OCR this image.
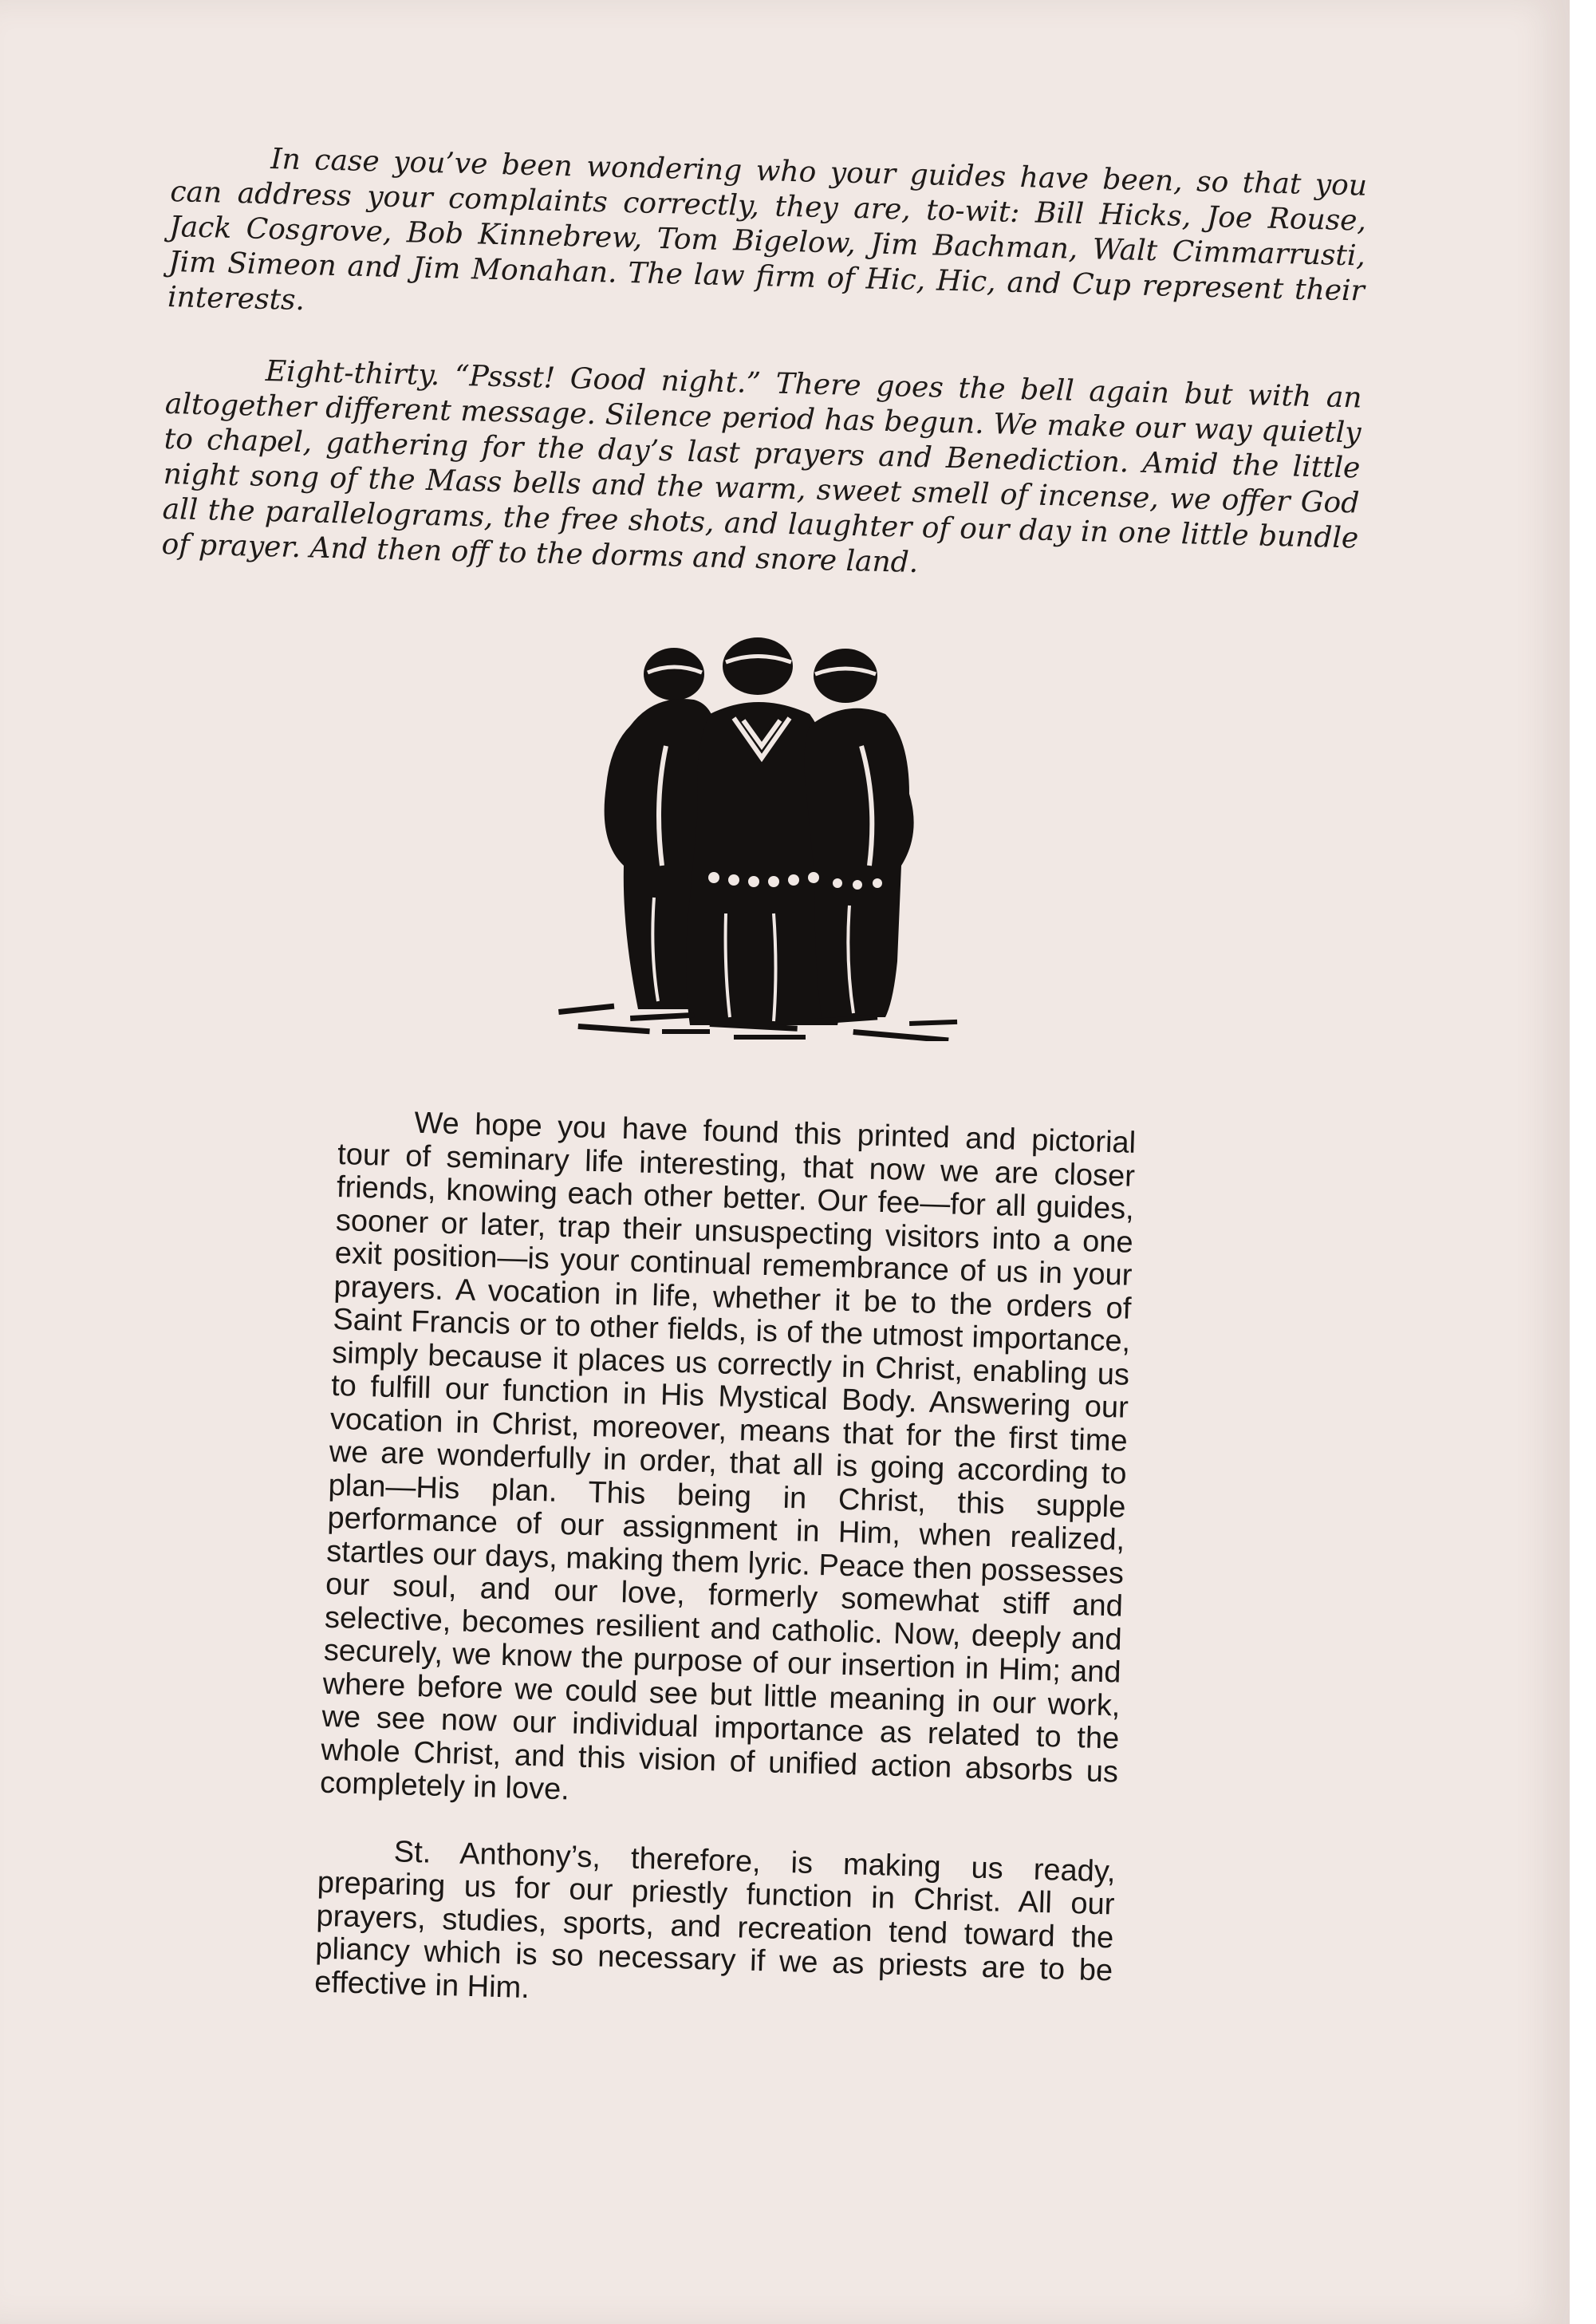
In case you’ve been wondering who your guides have been, so that you can address your complaints correctly, they are, to-wit: Bill Hicks, Joe Rouse, Jack Cosgrove, Bob Kinnebrew, Tom Bigelow, Jim Bachman, Walt Cimmarrusti, Jim Simeon and Jim Monahan. The law firm of Hic, Hic, and Cup represent their interests.

Eight-thirty. “Pssst! Good night.” There goes the bell again but with an altogether different message. Silence period has begun. We make our way quietly to chapel, gathering for the day’s last prayers and Benediction. Amid the little night song of the Mass bells and the warm, sweet smell of incense, we offer God all the parallelograms, the free shots, and laughter of our day in one little bundle of prayer. And then off to the dorms and snore land.

We hope you have found this printed and pictorial tour of seminary life interesting, that now we are closer friends, knowing each other better. Our fee—for all guides, sooner or later, trap their unsuspecting visitors into a one exit position—is your continual remembrance of us in your prayers. A vocation in life, whether it be to the orders of Saint Francis or to other fields, is of the utmost importance, simply because it places us correctly in Christ, enabling us to fulfill our function in His Mystical Body. Answering our vocation in Christ, moreover, means that for the first time we are wonderfully in order, that all is going according to plan—His plan. This being in Christ, this supple performance of our assignment in Him, when realized, startles our days, making them lyric. Peace then possesses our soul, and our love, formerly somewhat stiff and selective, becomes resilient and catholic. Now, deeply and securely, we know the purpose of our insertion in Him; and where before we could see but little meaning in our work, we see now our individual importance as related to the whole Christ, and this vision of unified action absorbs us completely in love.

St. Anthony’s, therefore, is making us ready, preparing us for our priestly function in Christ. All our prayers, studies, sports, and recreation tend toward the pliancy which is so necessary if we as priests are to be effective in Him.
